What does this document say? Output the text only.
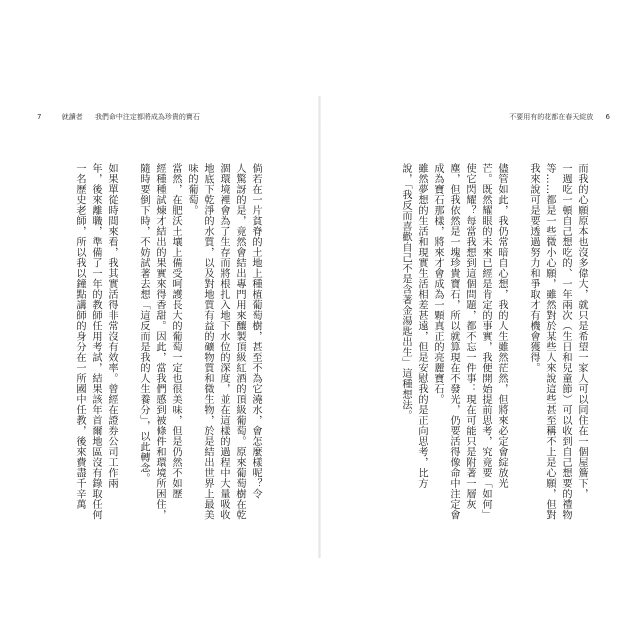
7	就讀者 我們命中注定都將成為珍貴的寶石	不要用有的花都在春天綻放 6
而我的心願原本也沒多偉大，就只是希望一家人可以同住在一個屋簷下，
一週吃一頓自己想吃的、一年兩次（生日和兒童節）可以收到自己想要的禮物
等……都是一些微小心願，雖然對於某些人來說這些甚至稱不上是心願，但對
我來說可是要透過努力和爭取才有機會獲得。
儘管如此，我仍常暗自心想，我的人生雖然茫然，但將來必定會綻放光
芒。既然耀眼的未來已經是肯定的事實，我便開始提前思考，究竟要「如何」
使它閃耀？每當我想到這個問題，都不忘一件事：現在可能只是附著一層灰
塵，但我依然是一塊珍貴寶石，所以就算現在不發光，仍要活得像命中注定會
成為寶石那樣，將來才會成為一顆真正的亮麗寶石。
雖然夢想的生活和現實生活相差甚遠，但是安慰我的是正向思考，比方
說，「我反而喜歡自己不是含著金湯匙出生」這種想法。
倘若在一片貧脊的土地上種植葡萄樹，甚至不為它澆水，會怎麼樣呢？令
人驚訝的是，竟然會結出專門用來釀製頂級紅酒的頂級葡萄。原來葡萄樹在乾
涸環境裡會為了生存而將根扎入地下水位的深度，並在這樣的過程中大量吸收
地底下乾淨的水質，以及對地質有益的礦物質和微生物，於是結出世界上最美
味的葡萄。
當然，在肥沃土壤上備受呵護長大的葡萄一定也很美味，但是仍然不如歷
經種種試煉才結出的果實來得香甜。因此，當我們感到被條件和環境所困住，
隨時要倒下時，不妨試著去想「這反而是我的人生養分」，以此轉念。
如果單從時間來看，我其實活得非常沒有效率。曾經在證券公司工作兩
年，後來離職，準備了一年的教師任用考試，結果該年首爾地區沒有錄取任何
一名歷史老師，所以我以鐘點講師的身分在一所國中任教，後來費盡千辛萬
